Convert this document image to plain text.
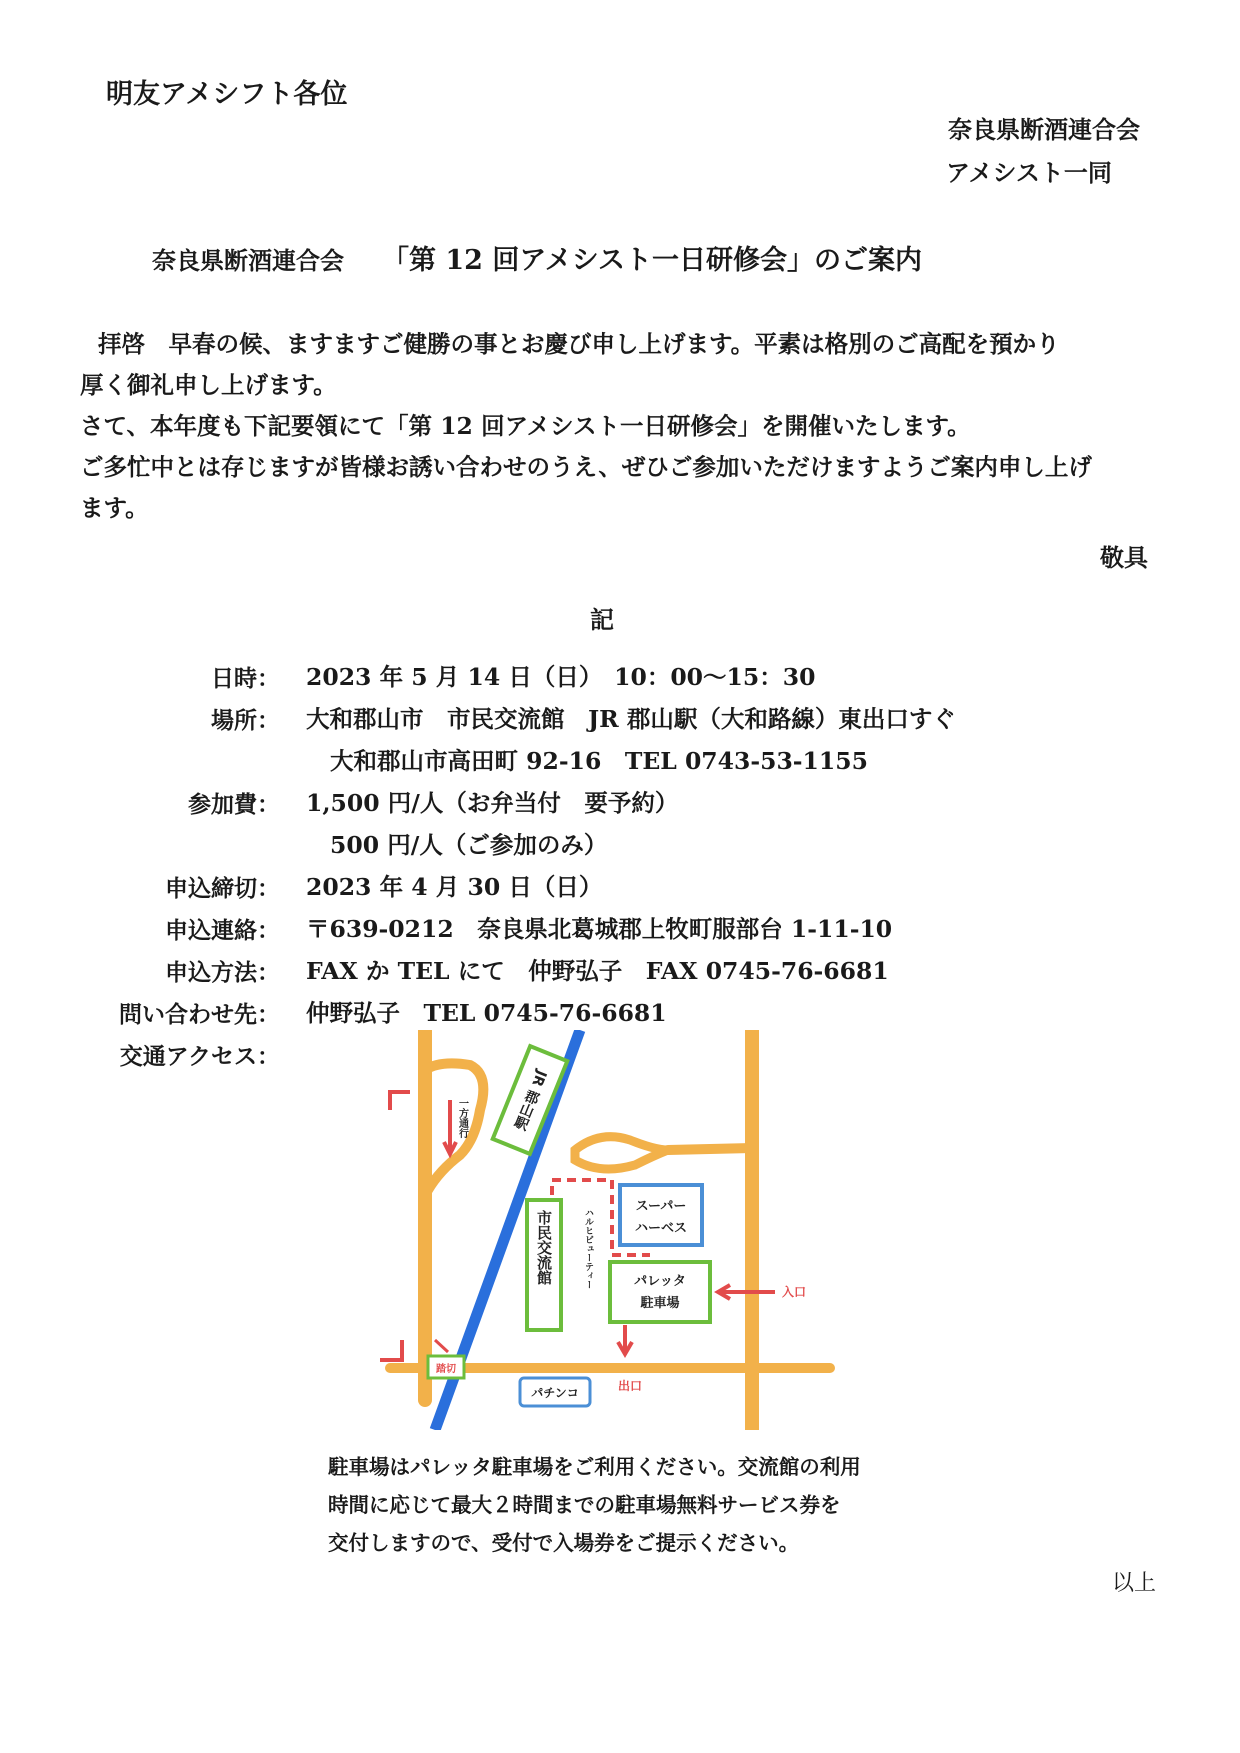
明友アメシフト各位
奈良県断酒連合会
アメシスト一同
奈良県断酒連合会 「第 12 回アメシスト一日研修会」のご案内

拝啓　早春の候、ますますご健勝の事とお慶び申し上げます。平素は格別のご高配を預かり

厚く御礼申し上げます。

さて、本年度も下記要領にて「第 12 回アメシスト一日研修会」を開催いたします。

ご多忙中とは存じますが皆様お誘い合わせのうえ、ぜひご参加いただけますようご案内申し上げ

ます。

敬具
記
日時： 2023 年 5 月 14 日（日）　10：00〜15：30
場所： 大和郡山市　市民交流館　JR 郡山駅（大和路線）東出口すぐ
大和郡山市高田町 92-16　TEL 0743-53-1155
参加費： 1,500 円/人（お弁当付　要予約）
500 円/人（ご参加のみ）
申込締切： 2023 年 4 月 30 日（日）
申込連絡： 〒639-0212　奈良県北葛城郡上牧町服部台 1-11-10
申込方法： FAX か TEL にて　仲野弘子　FAX 0745-76-6681
問い合わせ先： 仲野弘子　TEL 0745-76-6681
交通アクセス：
JR 郡山駅
一方通行
市民交流館	ハルヒビューティー
スーパー
ハーベス
パレッタ
駐車場
入口
出口
踏切
パチンコ

駐車場はパレッタ駐車場をご利用ください。交流館の利用

時間に応じて最大２時間までの駐車場無料サービス券を

交付しますので、受付で入場券をご提示ください。

以上
